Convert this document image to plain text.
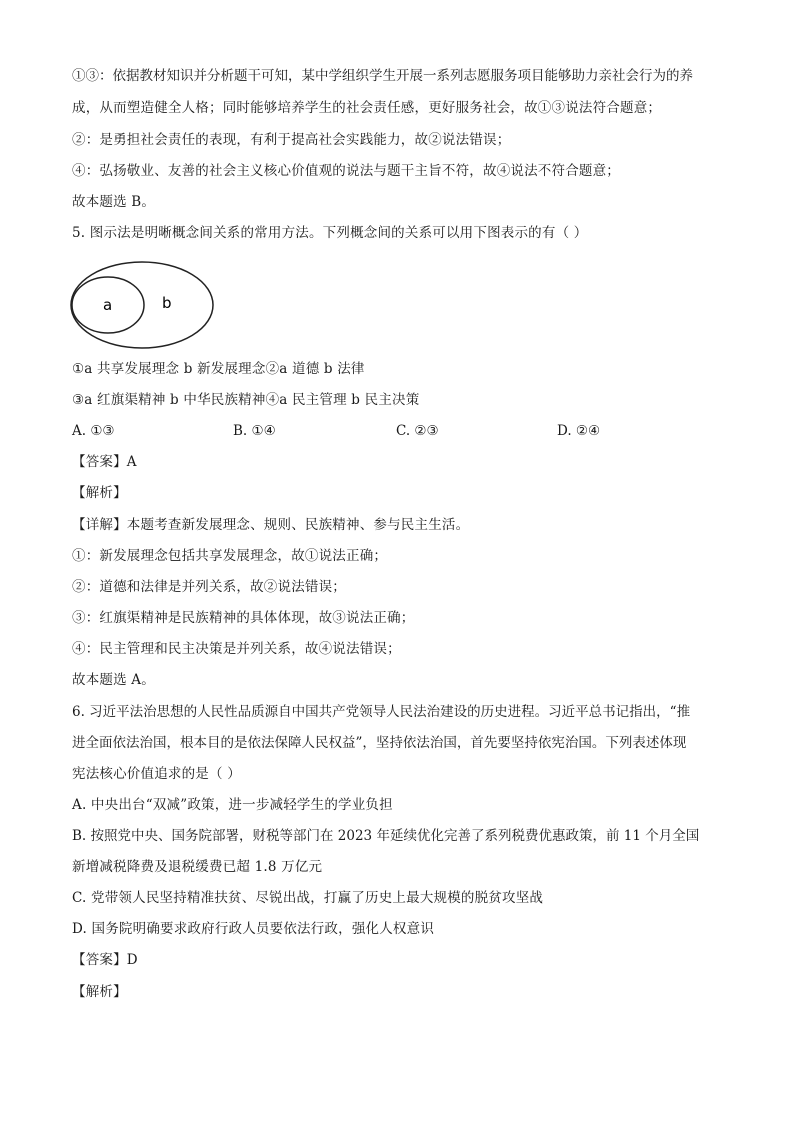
①③：依据教材知识并分析题干可知，某中学组织学生开展一系列志愿服务项目能够助力亲社会行为的养
成，从而塑造健全人格；同时能够培养学生的社会责任感，更好服务社会，故①③说法符合题意；
②：是勇担社会责任的表现，有利于提高社会实践能力，故②说法错误；
④：弘扬敬业、友善的社会主义核心价值观的说法与题干主旨不符，故④说法不符合题意；
故本题选 B。
5. 图示法是明晰概念间关系的常用方法。下列概念间的关系可以用下图表示的有（ ）
a	b
①a 共享发展理念 b 新发展理念②a 道德 b 法律
③a 红旗渠精神 b 中华民族精神④a 民主管理 b 民主决策
A. ①③	B. ①④	C. ②③	D. ②④
【答案】A
【解析】
【详解】本题考查新发展理念、规则、民族精神、参与民主生活。
①：新发展理念包括共享发展理念，故①说法正确；
②：道德和法律是并列关系，故②说法错误；
③：红旗渠精神是民族精神的具体体现，故③说法正确；
④：民主管理和民主决策是并列关系，故④说法错误；
故本题选 A。
6. 习近平法治思想的人民性品质源自中国共产党领导人民法治建设的历史进程。习近平总书记指出，“推
进全面依法治国，根本目的是依法保障人民权益”，坚持依法治国，首先要坚持依宪治国。下列表述体现
宪法核心价值追求的是（ ）
A. 中央出台“双减”政策，进一步减轻学生的学业负担
B. 按照党中央、国务院部署，财税等部门在 2023 年延续优化完善了系列税费优惠政策，前 11 个月全国
新增减税降费及退税缓费已超 1.8 万亿元
C. 党带领人民坚持精准扶贫、尽锐出战，打赢了历史上最大规模的脱贫攻坚战
D. 国务院明确要求政府行政人员要依法行政，强化人权意识
【答案】D
【解析】
